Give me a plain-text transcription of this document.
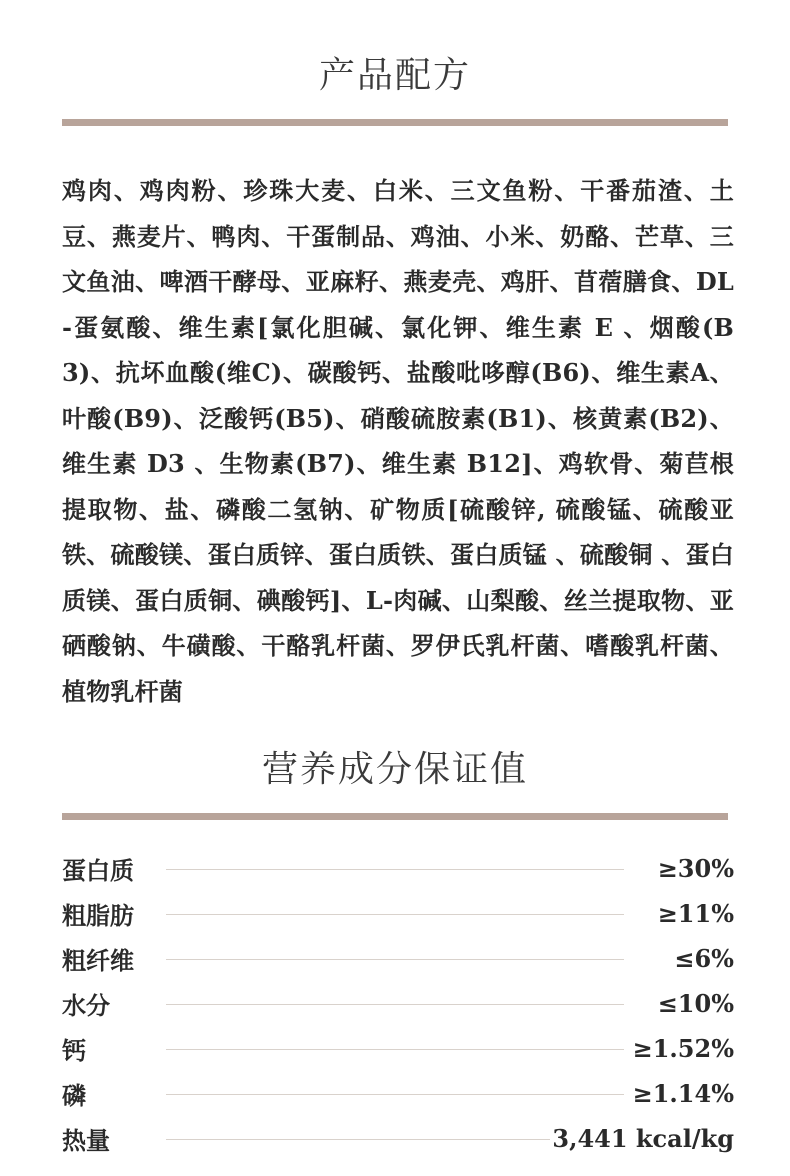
产品配方

鸡肉、鸡肉粉、珍珠大麦、白米、三文鱼粉、干番茄渣、土豆、燕麦片、鸭肉、干蛋制品、鸡油、小米、奶酪、芒草、三文鱼油、啤酒干酵母、亚麻籽、燕麦壳、鸡肝、苜蓿膳食、DL-蛋氨酸、维生素[氯化胆碱、氯化钾、维生素 E 、烟酸(B3)、抗坏血酸(维C)、碳酸钙、盐酸吡哆醇(B6)、维生素A、叶酸(B9)、泛酸钙(B5)、硝酸硫胺素(B1)、核黄素(B2)、维生素 D3 、生物素(B7)、维生素 B12]、鸡软骨、菊苣根提取物、盐、磷酸二氢钠、矿物质[硫酸锌, 硫酸锰、硫酸亚铁、硫酸镁、蛋白质锌、蛋白质铁、蛋白质锰 、硫酸铜 、蛋白质镁、蛋白质铜、碘酸钙]、L-肉碱、山梨酸、丝兰提取物、亚硒酸钠、牛磺酸、干酪乳杆菌、罗伊氏乳杆菌、嗜酸乳杆菌、植物乳杆菌

营养成分保证值
蛋白质	≥30%
粗脂肪	≥11%
粗纤维	≤6%
水分	≤10%
钙	≥1.52%
磷	≥1.14%
热量	3,441 kcal/kg
